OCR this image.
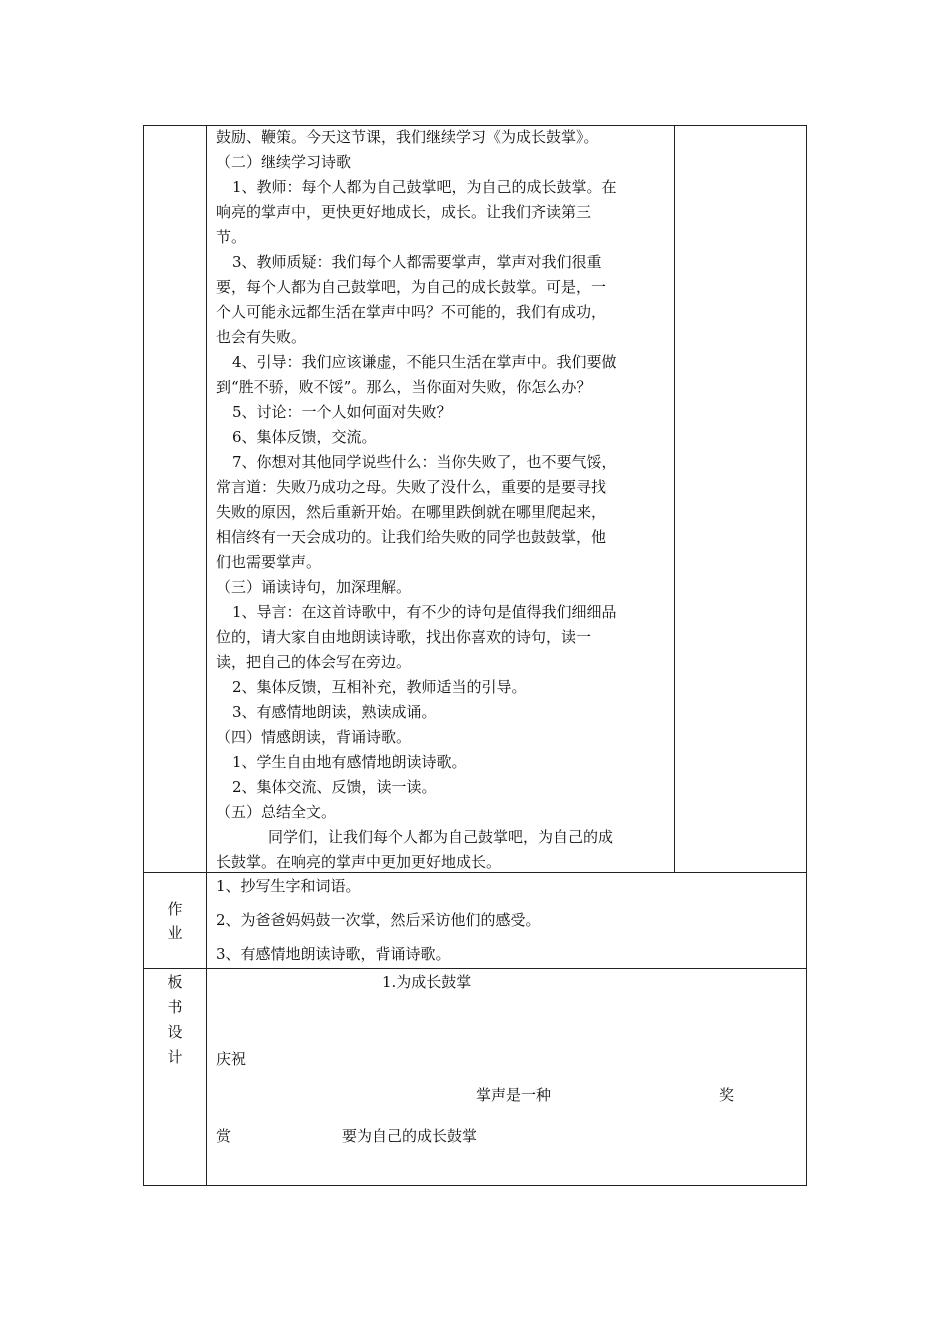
鼓励、鞭策。今天这节课，我们继续学习《为成长鼓掌》。
（二）继续学习诗歌
1、教师：每个人都为自己鼓掌吧，为自己的成长鼓掌。在
响亮的掌声中，更快更好地成长，成长。让我们齐读第三
节。
3、教师质疑：我们每个人都需要掌声，掌声对我们很重
要，每个人都为自己鼓掌吧，为自己的成长鼓掌。可是，一
个人可能永远都生活在掌声中吗？不可能的，我们有成功，
也会有失败。
4、引导：我们应该谦虚，不能只生活在掌声中。我们要做
到“胜不骄，败不馁”。那么，当你面对失败，你怎么办？
5、讨论：一个人如何面对失败？
6、集体反馈，交流。
7、你想对其他同学说些什么：当你失败了，也不要气馁，
常言道：失败乃成功之母。失败了没什么，重要的是要寻找
失败的原因，然后重新开始。在哪里跌倒就在哪里爬起来，
相信终有一天会成功的。让我们给失败的同学也鼓鼓掌，他
们也需要掌声。
（三）诵读诗句，加深理解。
1、导言：在这首诗歌中，有不少的诗句是值得我们细细品
位的，请大家自由地朗读诗歌，找出你喜欢的诗句，读一
读，把自己的体会写在旁边。
2、集体反馈，互相补充，教师适当的引导。
3、有感情地朗读，熟读成诵。
（四）情感朗读，背诵诗歌。
1、学生自由地有感情地朗读诗歌。
2、集体交流、反馈，读一读。
（五）总结全文。
同学们，让我们每个人都为自己鼓掌吧，为自己的成
长鼓掌。在响亮的掌声中更加更好地成长。
作
业
1、抄写生字和词语。
2、为爸爸妈妈鼓一次掌，然后采访他们的感受。
3、有感情地朗读诗歌，背诵诗歌。
板
书
设
计
1.为成长鼓掌
庆祝
掌声是一种	奖
赏	要为自己的成长鼓掌
